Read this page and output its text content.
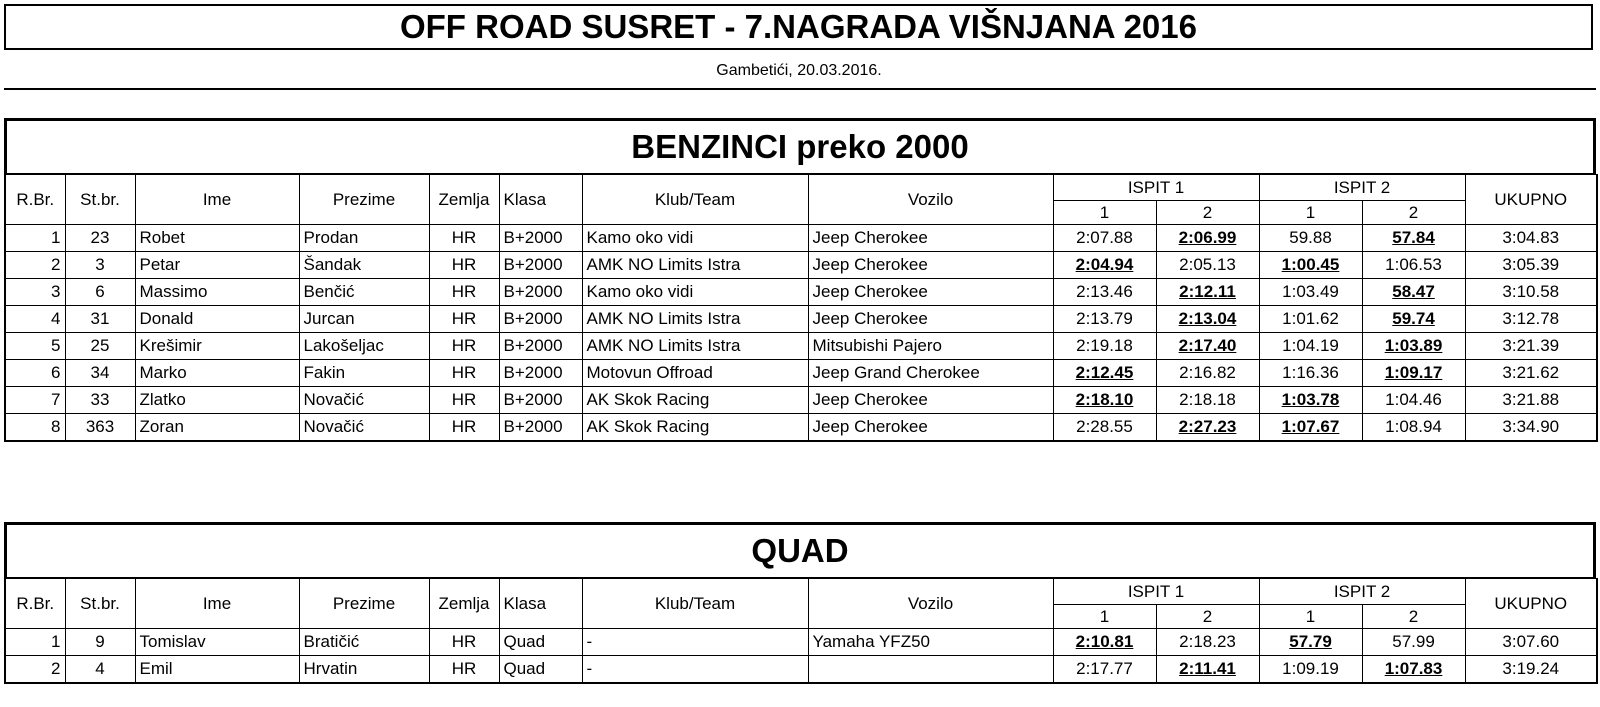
OFF ROAD SUSRET - 7.NAGRADA VIŠNJANA 2016
Gambetići, 20.03.2016.
BENZINCI preko 2000
R.Br.	St.br.	Ime	Prezime	Zemlja	Klasa	Klub/Team	Vozilo	ISPIT 1		ISPIT 2		UKUPNO
								1	2	1	2	
1	23	Robet	Prodan	HR	B+2000	Kamo oko vidi	Jeep Cherokee	2:07.88	2:06.99	59.88	57.84	3:04.83
2	3	Petar	Šandak	HR	B+2000	AMK NO Limits Istra	Jeep Cherokee	2:04.94	2:05.13	1:00.45	1:06.53	3:05.39
3	6	Massimo	Benčić	HR	B+2000	Kamo oko vidi	Jeep Cherokee	2:13.46	2:12.11	1:03.49	58.47	3:10.58
4	31	Donald	Jurcan	HR	B+2000	AMK NO Limits Istra	Jeep Cherokee	2:13.79	2:13.04	1:01.62	59.74	3:12.78
5	25	Krešimir	Lakošeljac	HR	B+2000	AMK NO Limits Istra	Mitsubishi Pajero	2:19.18	2:17.40	1:04.19	1:03.89	3:21.39
6	34	Marko	Fakin	HR	B+2000	Motovun Offroad	Jeep Grand Cherokee	2:12.45	2:16.82	1:16.36	1:09.17	3:21.62
7	33	Zlatko	Novačić	HR	B+2000	AK Skok Racing	Jeep Cherokee	2:18.10	2:18.18	1:03.78	1:04.46	3:21.88
8	363	Zoran	Novačić	HR	B+2000	AK Skok Racing	Jeep Cherokee	2:28.55	2:27.23	1:07.67	1:08.94	3:34.90
QUAD
R.Br.	St.br.	Ime	Prezime	Zemlja	Klasa	Klub/Team	Vozilo	ISPIT 1		ISPIT 2		UKUPNO
								1	2	1	2	
1	9	Tomislav	Bratičić	HR	Quad	-	Yamaha YFZ50	2:10.81	2:18.23	57.79	57.99	3:07.60
2	4	Emil	Hrvatin	HR	Quad	-		2:17.77	2:11.41	1:09.19	1:07.83	3:19.24
